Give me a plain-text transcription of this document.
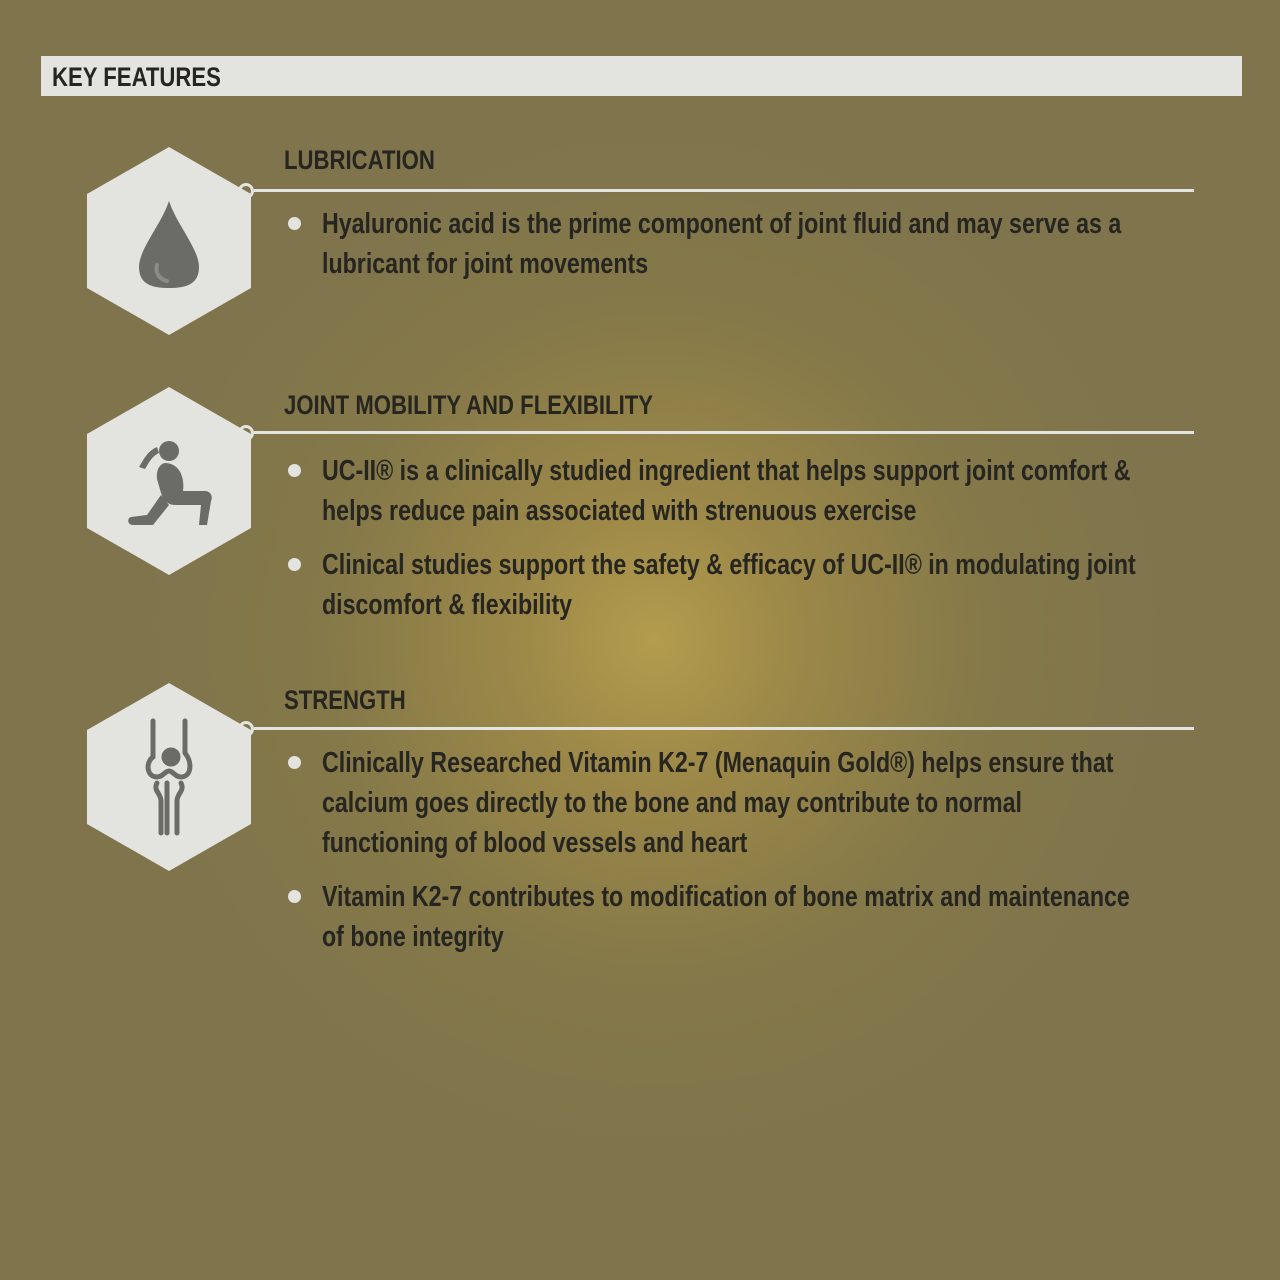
KEY FEATURES
LUBRICATION
Hyaluronic acid is the prime component of joint fluid and may serve as a lubricant for joint movements
JOINT MOBILITY AND FLEXIBILITY
UC-II® is a clinically studied ingredient that helps support joint comfort & helps reduce pain associated with strenuous exercise
Clinical studies support the safety & efficacy of UC-II® in modulating joint discomfort & flexibility
STRENGTH
Clinically Researched Vitamin K2-7 (Menaquin Gold®) helps ensure that calcium goes directly to the bone and may contribute to normal functioning of blood vessels and heart
Vitamin K2-7 contributes to modification of bone matrix and maintenance of bone integrity
